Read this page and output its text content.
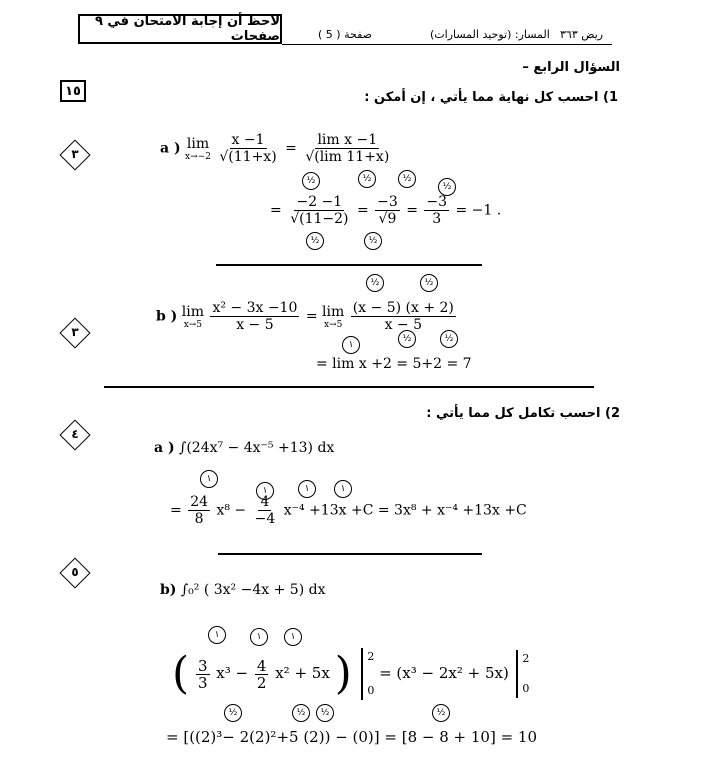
لاحظ أن إجابة الامتحان في ٩ صفحات	صفحة ( 5 )	المسار: (توحيد المسارات) ريض ٣٦٣
السؤال الرابع –
١٥	1) احسب كل نهاية مما يأتي ، إن أمكن :
٣
٣
٤
٥
a ) lim
x→−2
$\frac{x -1}{√(11+x)} = \frac{\text{lim x −1}}{√(\lim 11+x)}$
½	½	½
½
= $\frac{-2 -1}{√(11-2)} = \frac{-3}{√9} = \frac{-3}{3} = -1$ .
½	½
½	½
b ) lim
x→5
$\frac{\text{x² − 3x −10}}{x - 5} = \lim$
x→5
$\frac{(x - 5) (x + 2)}{x - 5}$
١
½	½
= lim x +2 = 5+2 = 7
2) احسب تكامل كل مما يأتي :
a ) ∫(24x⁷ − 4x⁻⁵ +13) dx
١
١	١	١
= $\frac{24}{8} x^8 - \frac{4}{-4} x^{-4} +13x +C = 3x^8 + x^{-4} +13x +C$
b) ∫₀² ( 3x² −4x + 5) dx
١	١	١
( $\frac{3}{3} x^3 - \frac{4}{2} x^2 + 5x$ ) 2
0
= (x³ − 2x² + 5x)
2
0
½	½	½	½
= [((2)³− 2(2)²+5 (2)) − (0)] = [8 − 8 + 10] = 10
